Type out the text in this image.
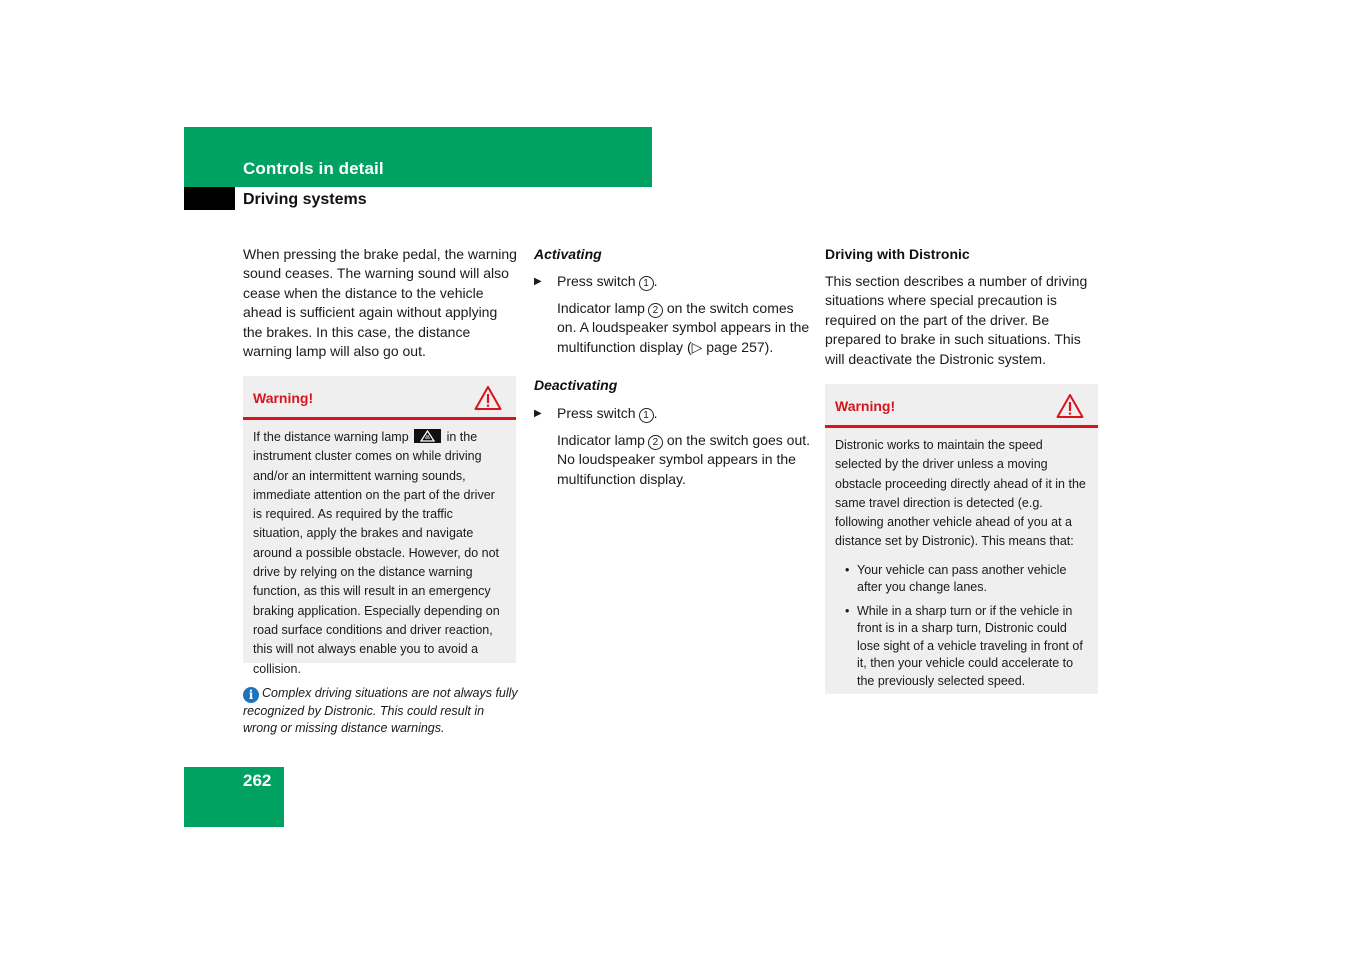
Controls in detail
Driving systems
When pressing the brake pedal, the warning sound ceases. The warning sound will also cease when the distance to the vehicle ahead is sufficient again without applying the brakes. In this case, the distance warning lamp will also go out.
Warning!
If the distance warning lamp	in the instrument cluster comes on while driving and/or an intermittent warning sounds, immediate attention on the part of the driver is required. As required by the traffic situation, apply the brakes and navigate around a possible obstacle. However, do not drive by relying on the distance warning function, as this will result in an emergency braking application. Especially depending on road surface conditions and driver reaction, this will not always enable you to avoid a collision.
i Complex driving situations are not always fully recognized by Distronic. This could result in wrong or missing distance warnings.
Activating
▶ Press switch 1 .
Indicator lamp 2 on the switch comes on. A loudspeaker symbol appears in the multifunction display (▷ page 257).
Deactivating
▶ Press switch 1 .
Indicator lamp 2 on the switch goes out. No loudspeaker symbol appears in the multifunction display.
Driving with Distronic
This section describes a number of driving situations where special precaution is required on the part of the driver. Be prepared to brake in such situations. This will deactivate the Distronic system.
Warning!
Distronic works to maintain the speed selected by the driver unless a moving obstacle proceeding directly ahead of it in the same travel direction is detected (e.g. following another vehicle ahead of you at a distance set by Distronic). This means that:
• Your vehicle can pass another vehicle after you change lanes.
• While in a sharp turn or if the vehicle in front is in a sharp turn, Distronic could lose sight of a vehicle traveling in front of it, then your vehicle could accelerate to the previously selected speed.
262
